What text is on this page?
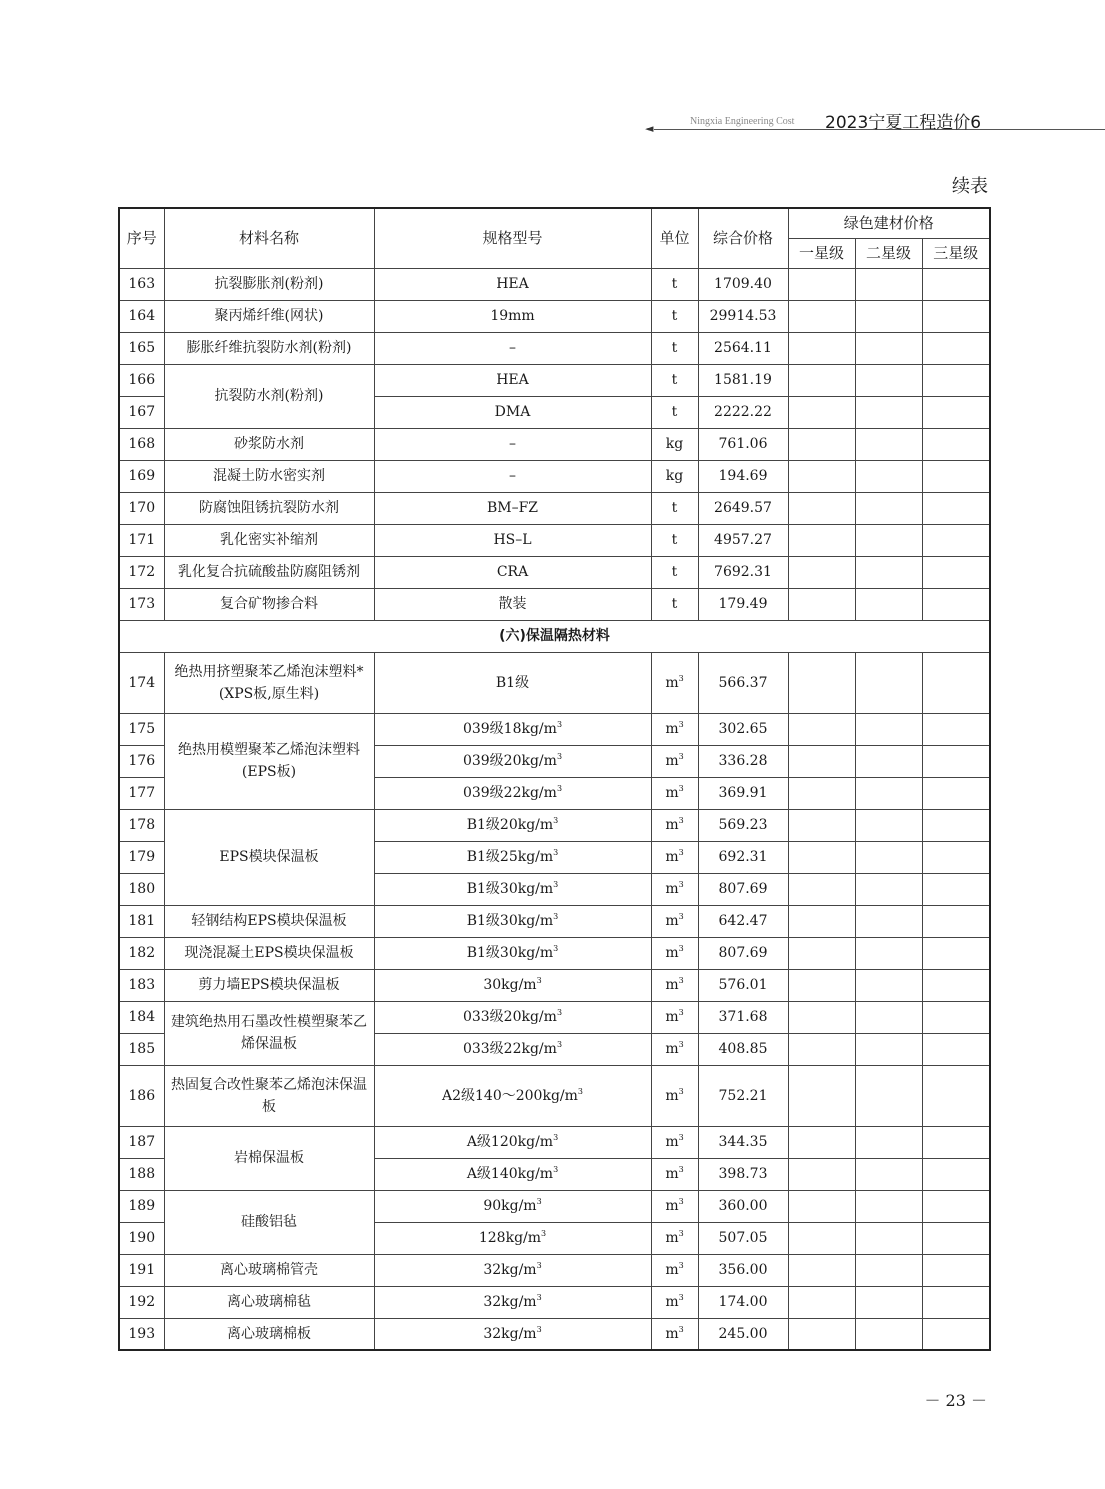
◄
Ningxia Engineering Cost 2023宁夏工程造价6
续表
序号	材料名称	规格型号	单位	综合价格	绿色建材价格		
					一星级	二星级	三星级
163	抗裂膨胀剂(粉剂)	HEA	t	1709.40			
164	聚丙烯纤维(网状)	19mm	t	29914.53			
165	膨胀纤维抗裂防水剂(粉剂)	–	t	2564.11			
166	抗裂防水剂(粉剂)	HEA	t	1581.19			
167		DMA	t	2222.22			
168	砂浆防水剂	–	kg	761.06			
169	混凝土防水密实剂	–	kg	194.69			
170	防腐蚀阻锈抗裂防水剂	BM–FZ	t	2649.57			
171	乳化密实补缩剂	HS–L	t	4957.27			
172	乳化复合抗硫酸盐防腐阻锈剂	CRA	t	7692.31			
173	复合矿物掺合料	散装	t	179.49			
(六)保温隔热材料							
174	绝热用挤塑聚苯乙烯泡沫塑料*(XPS板,原生料)	B1级	$m^3$	566.37			
175	绝热用模塑聚苯乙烯泡沫塑料(EPS板)	039级$18kg/m^3$	$m^3$	302.65			
176		039级$20kg/m^3$	$m^3$	336.28			
177		039级$22kg/m^3$	$m^3$	369.91			
178	EPS模块保温板	B1级$20kg/m^3$	$m^3$	569.23			
179		B1级$25kg/m^3$	$m^3$	692.31			
180		B1级$30kg/m^3$	$m^3$	807.69			
181	轻钢结构EPS模块保温板	B1级$30kg/m^3$	$m^3$	642.47			
182	现浇混凝土EPS模块保温板	B1级$30kg/m^3$	$m^3$	807.69			
183	剪力墙EPS模块保温板	$30kg/m^3$	$m^3$	576.01			
184	建筑绝热用石墨改性模塑聚苯乙烯保温板	033级$20kg/m^3$	$m^3$	371.68			
185		033级$22kg/m^3$	$m^3$	408.85			
186	热固复合改性聚苯乙烯泡沫保温板	A2级$140\sim 200kg/m^3$	$m^3$	752.21			
187	岩棉保温板	A级$120kg/m^3$	$m^3$	344.35			
188		A级$140kg/m^3$	$m^3$	398.73			
189	硅酸铝毡	$90kg/m^3$	$m^3$	360.00			
190		$128kg/m^3$	$m^3$	507.05			
191	离心玻璃棉管壳	$32kg/m^3$	$m^3$	356.00			
192	离心玻璃棉毡	$32kg/m^3$	$m^3$	174.00			
193	离心玻璃棉板	$32kg/m^3$	$m^3$	245.00			
－ 23 －
